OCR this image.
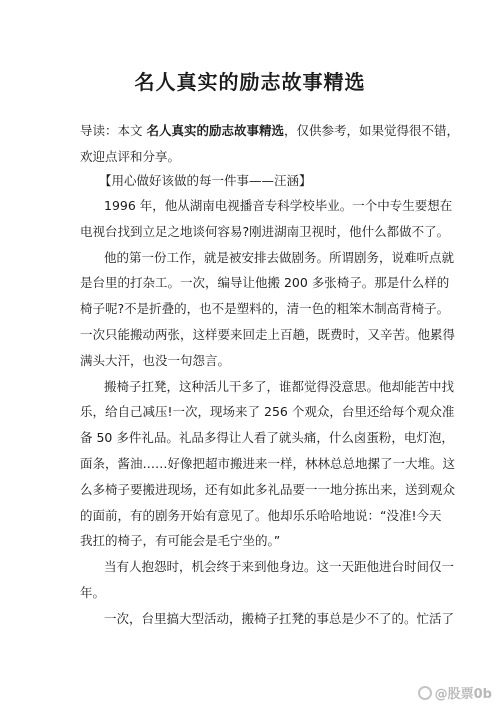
名人真实的励志故事精选
导读：本文 名人真实的励志故事精选，仅供参考，如果觉得很不错，
欢迎点评和分享。
【用心做好该做的每一件事——汪涵】
1996 年，他从湖南电视播音专科学校毕业。一个中专生要想在
电视台找到立足之地谈何容易?刚进湖南卫视时，他什么都做不了。
他的第一份工作，就是被安排去做剧务。所谓剧务，说难听点就
是台里的打杂工。一次，编导让他搬 200 多张椅子。那是什么样的
椅子呢?不是折叠的，也不是塑料的，清一色的粗笨木制高背椅子。
一次只能搬动两张，这样要来回走上百趟，既费时，又辛苦。他累得
满头大汗，也没一句怨言。
搬椅子扛凳，这种活儿干多了，谁都觉得没意思。他却能苦中找
乐，给自己减压!一次，现场来了 256 个观众，台里还给每个观众准
备 50 多件礼品。礼品多得让人看了就头痛，什么卤蛋粉，电灯泡，
面条，酱油……好像把超市搬进来一样，林林总总地摞了一大堆。这
么多椅子要搬进现场，还有如此多礼品要一一地分拣出来，送到观众
的面前，有的剧务开始有意见了。他却乐乐哈哈地说：“没准!今天
我扛的椅子，有可能会是毛宁坐的。”
当有人抱怨时，机会终于来到他身边。这一天距他进台时间仅一
年。
一次，台里搞大型活动，搬椅子扛凳的事总是少不了的。忙活了
@股票0b
